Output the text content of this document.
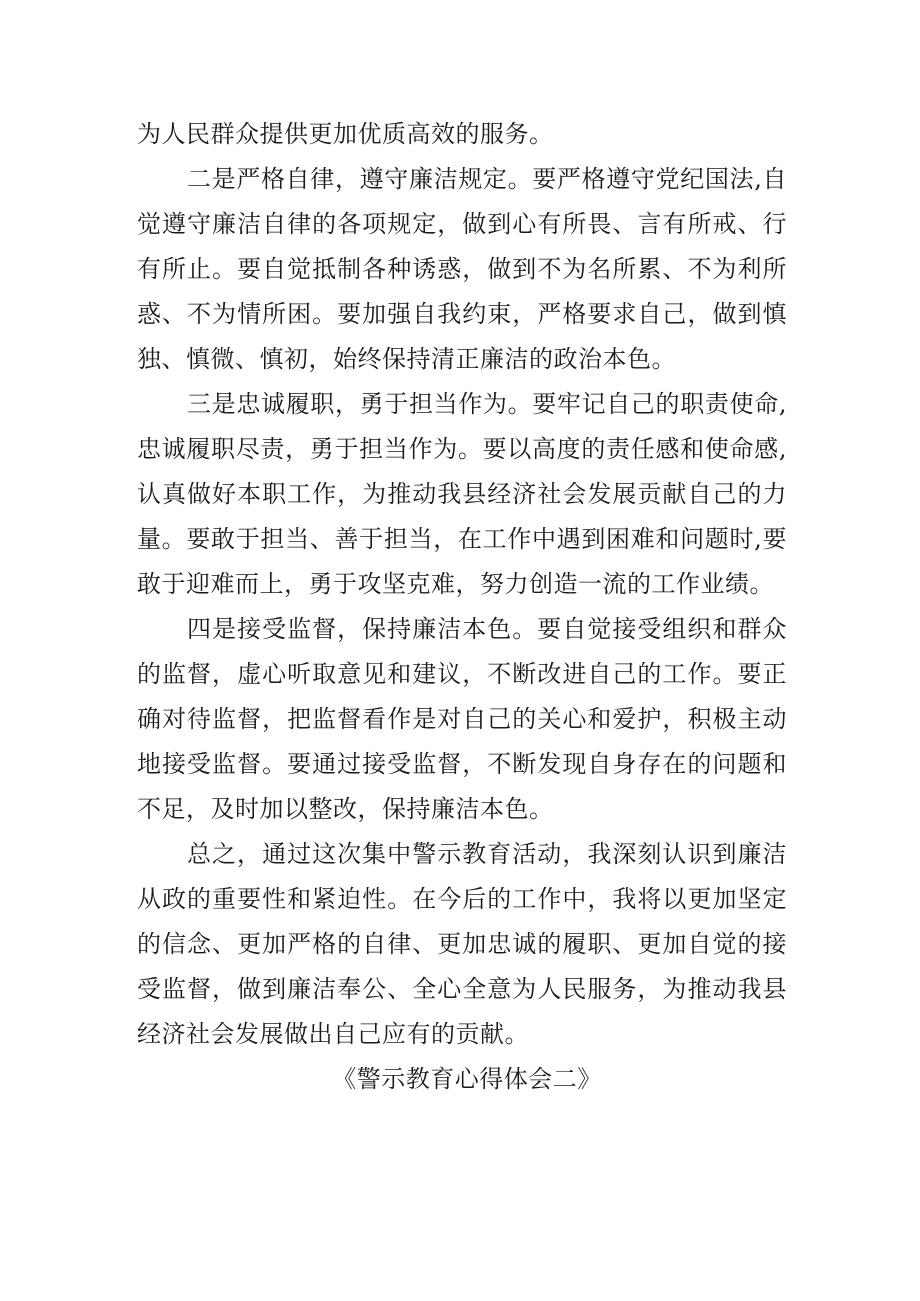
为人民群众提供更加优质高效的服务。

二是严格自律，遵守廉洁规定。要严格遵守党纪国法,自觉遵守廉洁自律的各项规定，做到心有所畏、言有所戒、行有所止。要自觉抵制各种诱惑，做到不为名所累、不为利所惑、不为情所困。要加强自我约束，严格要求自己，做到慎独、慎微、慎初，始终保持清正廉洁的政治本色。

三是忠诚履职，勇于担当作为。要牢记自己的职责使命,忠诚履职尽责，勇于担当作为。要以高度的责任感和使命感,认真做好本职工作，为推动我县经济社会发展贡献自己的力量。要敢于担当、善于担当，在工作中遇到困难和问题时,要敢于迎难而上，勇于攻坚克难，努力创造一流的工作业绩。

四是接受监督，保持廉洁本色。要自觉接受组织和群众的监督，虚心听取意见和建议，不断改进自己的工作。要正确对待监督，把监督看作是对自己的关心和爱护，积极主动地接受监督。要通过接受监督，不断发现自身存在的问题和不足，及时加以整改，保持廉洁本色。

总之，通过这次集中警示教育活动，我深刻认识到廉洁从政的重要性和紧迫性。在今后的工作中，我将以更加坚定的信念、更加严格的自律、更加忠诚的履职、更加自觉的接受监督，做到廉洁奉公、全心全意为人民服务，为推动我县经济社会发展做出自己应有的贡献。

《警示教育心得体会二》
